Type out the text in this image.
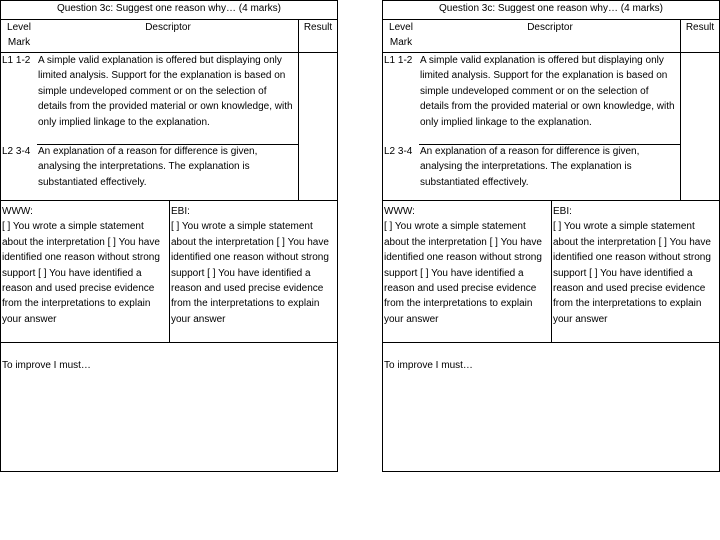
Question 3c: Suggest one reason why… (4 marks)
Level Mark
Descriptor	Result
L1 1-2 A simple valid explanation is offered but displaying only limited analysis. Support for the explanation is based on simple undeveloped comment or on the selection of details from the provided material or own knowledge, with only implied linkage to the explanation.
L2 3-4 An explanation of a reason for difference is given, analysing the interpretations. The explanation is substantiated effectively.
WWW:
[ ] You wrote a simple statement about the interpretation [ ] You have identified one reason without strong support [ ] You have identified a reason and used precise evidence from the interpretations to explain your answer
EBI:
[ ] You wrote a simple statement about the interpretation [ ] You have identified one reason without strong support [ ] You have identified a reason and used precise evidence from the interpretations to explain your answer
To improve I must…
Question 3c: Suggest one reason why… (4 marks)
Level Mark
Descriptor	Result
L1 1-2 A simple valid explanation is offered but displaying only limited analysis. Support for the explanation is based on simple undeveloped comment or on the selection of details from the provided material or own knowledge, with only implied linkage to the explanation.
L2 3-4 An explanation of a reason for difference is given, analysing the interpretations. The explanation is substantiated effectively.
WWW:
[ ] You wrote a simple statement about the interpretation [ ] You have identified one reason without strong support [ ] You have identified a reason and used precise evidence from the interpretations to explain your answer
EBI:
[ ] You wrote a simple statement about the interpretation [ ] You have identified one reason without strong support [ ] You have identified a reason and used precise evidence from the interpretations to explain your answer
To improve I must…
